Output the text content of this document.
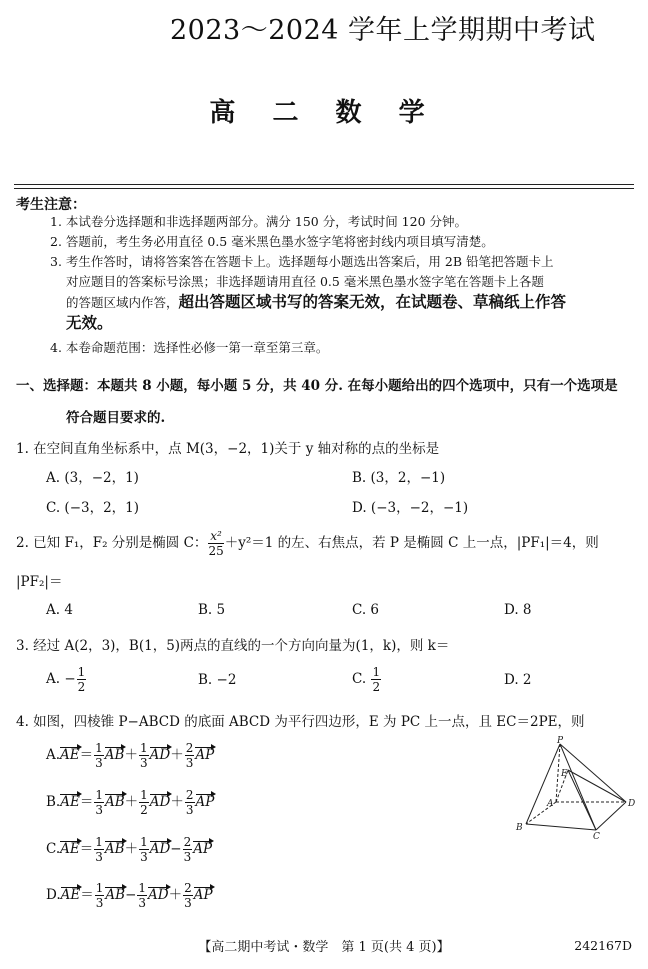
2023～2024 学年上学期期中考试
高 二 数 学
考生注意：
1. 本试卷分选择题和非选择题两部分。满分 150 分，考试时间 120 分钟。
2. 答题前，考生务必用直径 0.5 毫米黑色墨水签字笔将密封线内项目填写清楚。
3. 考生作答时，请将答案答在答题卡上。选择题每小题选出答案后，用 2B 铅笔把答题卡上
对应题目的答案标号涂黑；非选择题请用直径 0.5 毫米黑色墨水签字笔在答题卡上各题
的答题区域内作答，超出答题区域书写的答案无效，在试题卷、草稿纸上作答
无效。
4. 本卷命题范围：选择性必修一第一章至第三章。
一、选择题：本题共 8 小题，每小题 5 分，共 40 分. 在每小题给出的四个选项中，只有一个选项是
符合题目要求的.
1. 在空间直角坐标系中，点 M(3，−2，1)关于 y 轴对称的点的坐标是
A. (3，−2，1)	B. (3，2，−1)
C. (−3，2，1)	D. (−3，−2，−1)
2. 已知 F₁，F₂ 分别是椭圆 C： $\frac{\text{x²}}{25} +y^2=1$ 的左、右焦点，若 P 是椭圆 C 上一点，|PF₁|＝4，则
|PF₂|＝
A. 4	B. 5	C. 6	D. 8
3. 经过 A(2，3)，B(1，5)两点的直线的一个方向向量为(1，k)，则 k＝
A. − $\frac{1}{2}$	B. −2	C. $\frac{1}{2}$	D. 2
4. 如图，四棱锥 P−ABCD 的底面 ABCD 为平行四边形，E 为 PC 上一点，且 EC＝2PE，则
$A.AE= \frac{1}{3} AB+ \frac{1}{3} AD+ \frac{2}{3}$ AP
$B.AE= \frac{1}{3} AB+ \frac{1}{2} AD+ \frac{2}{3}$ AP
$C.AE= \frac{1}{3} AB+ \frac{1}{3} AD- \frac{2}{3}$ AP
$D.AE= \frac{1}{3} AB- \frac{1}{3} AD+ \frac{2}{3}$ AP
P
E
A
B
C
D
【高二期中考试・数学　第 1 页(共 4 页)】	242167D
